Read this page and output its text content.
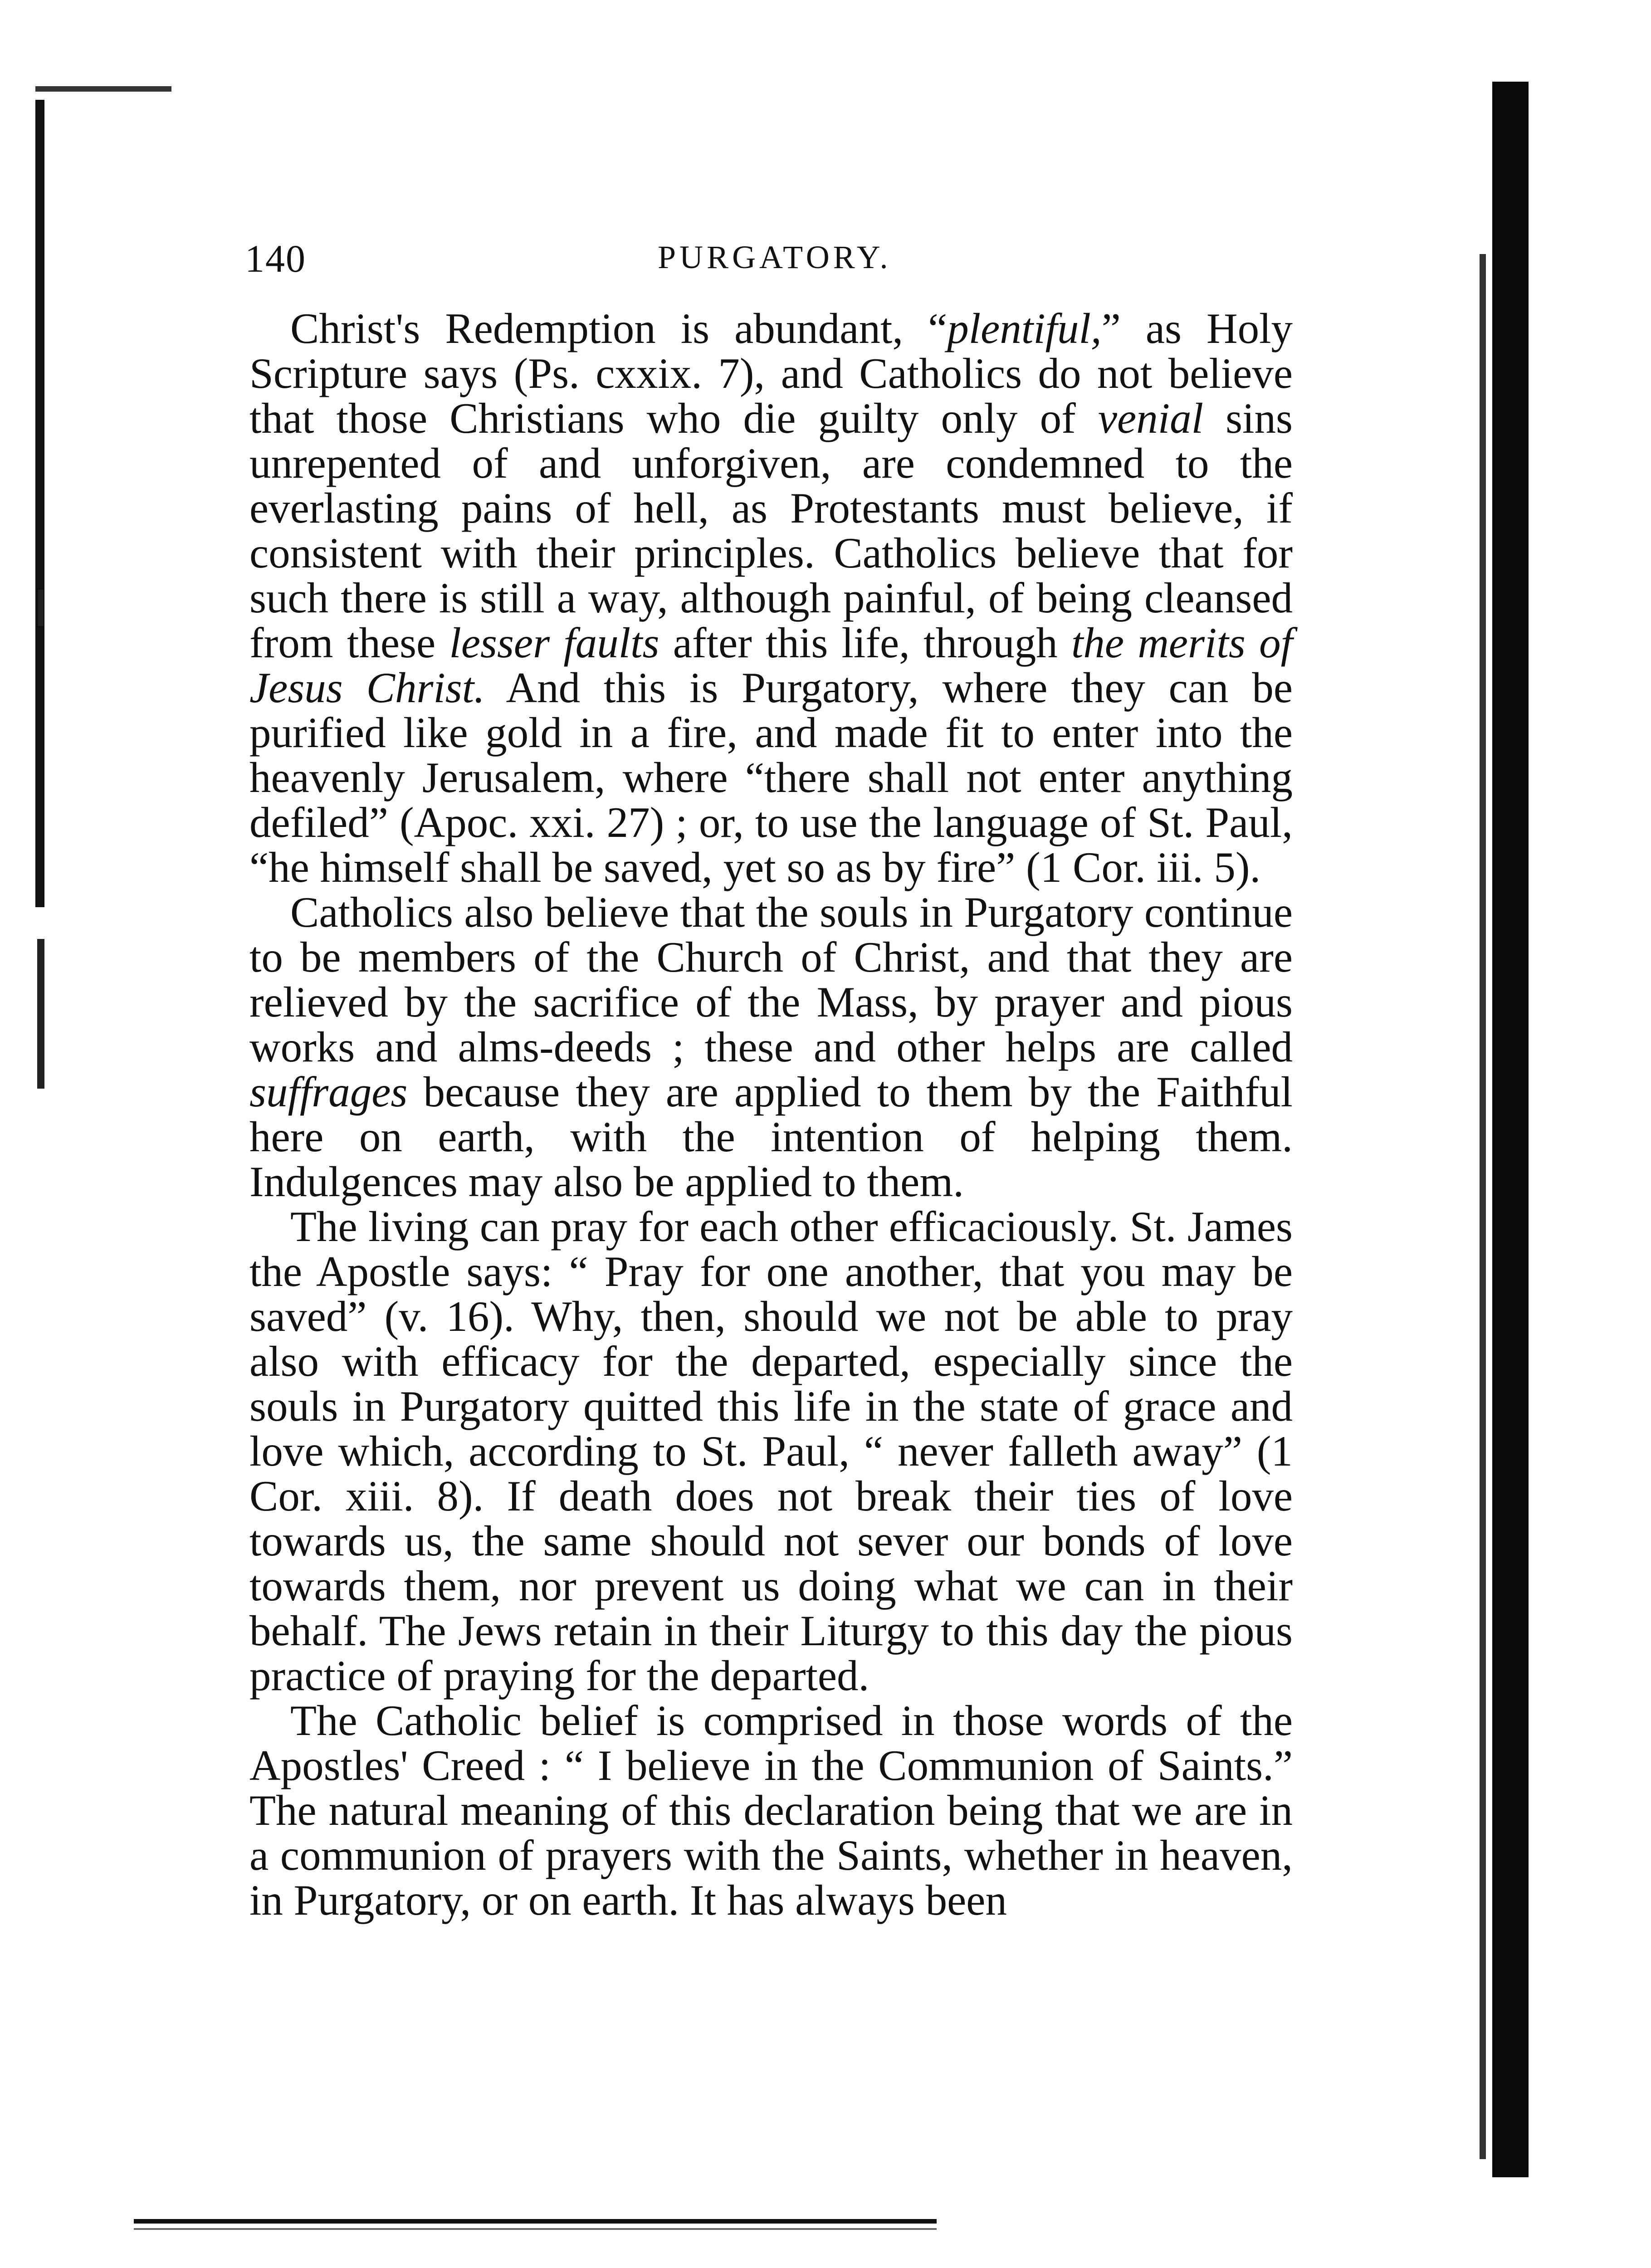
140	PURGATORY.

Christ's Redemption is abundant, “plentiful,” as Holy Scripture says (Ps. cxxix. 7), and Catholics do not believe that those Christians who die guilty only of venial sins unrepented of and unforgiven, are condemned to the everlasting pains of hell, as Protestants must believe, if consistent with their principles. Catholics believe that for such there is still a way, although painful, of being cleansed from these lesser faults after this life, through the merits of Jesus Christ. And this is Purgatory, where they can be purified like gold in a fire, and made fit to enter into the heavenly Jerusalem, where “there shall not enter anything defiled” (Apoc. xxi. 27) ; or, to use the language of St. Paul, “he himself shall be saved, yet so as by fire” (1 Cor. iii. 5).

Catholics also believe that the souls in Purgatory continue to be members of the Church of Christ, and that they are relieved by the sacrifice of the Mass, by prayer and pious works and alms-deeds ; these and other helps are called suffrages because they are applied to them by the Faithful here on earth, with the intention of helping them. Indulgences may also be applied to them.

The living can pray for each other efficaciously. St. James the Apostle says: “ Pray for one another, that you may be saved” (v. 16). Why, then, should we not be able to pray also with efficacy for the departed, especially since the souls in Purgatory quitted this life in the state of grace and love which, according to St. Paul, “ never falleth away” (1 Cor. xiii. 8). If death does not break their ties of love towards us, the same should not sever our bonds of love towards them, nor prevent us doing what we can in their behalf. The Jews retain in their Liturgy to this day the pious practice of praying for the departed.

The Catholic belief is comprised in those words of the Apostles' Creed : “ I believe in the Communion of Saints.” The natural meaning of this declaration being that we are in a communion of prayers with the Saints, whether in heaven, in Purgatory, or on earth. It has always been
